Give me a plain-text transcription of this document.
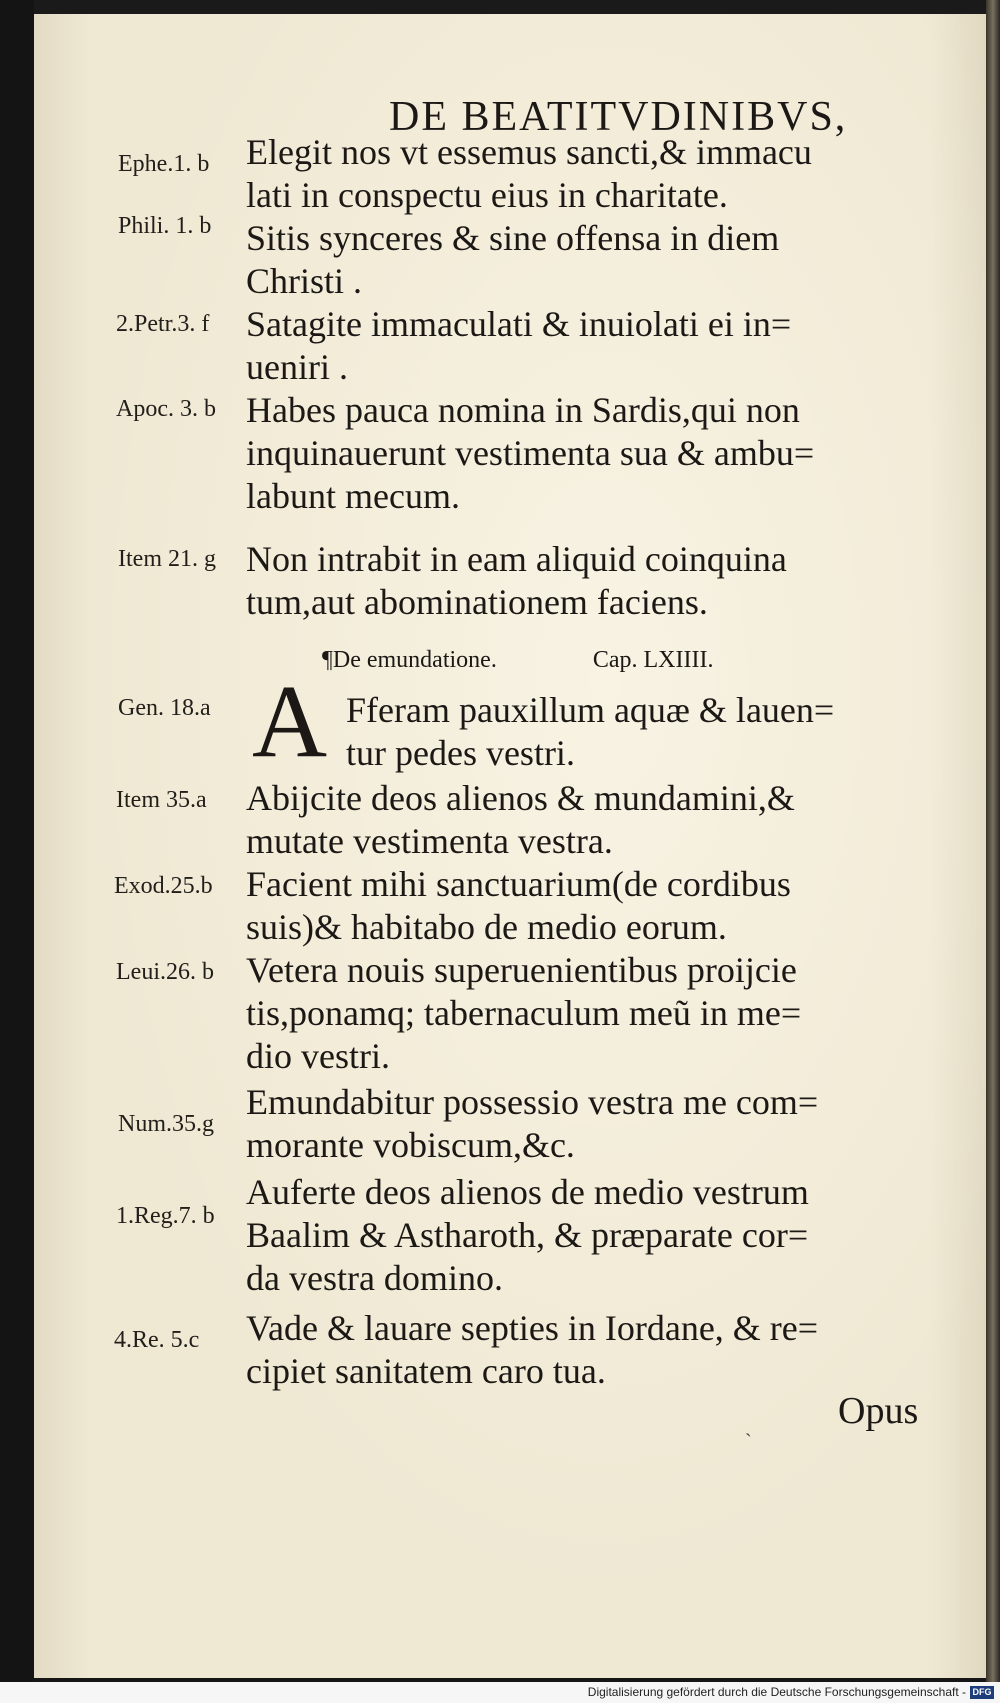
DE BEATITVDINIBVS,
Ephe.1. b
Phili. 1. b
2.Petr.3. f
Apoc. 3. b
Item 21. g
Elegit nos vt essemus sancti,& immacu
lati in conspectu eius in charitate.
Sitis synceres & sine offensa in diem
Christi .
Satagite immaculati & inuiolati ei in=
ueniri .
Habes pauca nomina in Sardis,qui non
inquinauerunt vestimenta sua & ambu=
labunt mecum.
Non intrabit in eam aliquid coinquina
tum,aut abominationem faciens.
¶De emundatione.	Cap. LXIIII.
A
Gen. 18.a
Item 35.a
Exod.25.b
Leui.26. b
Num.35.g
1.Reg.7. b
4.Re. 5.c
Fferam pauxillum aquæ & lauen=
tur pedes vestri.
Abijcite deos alienos & mundamini,&
mutate vestimenta vestra.
Facient mihi sanctuarium(de cordibus
suis)& habitabo de medio eorum.
Vetera nouis superuenientibus proijcie
tis,ponamq; tabernaculum meũ in me=
dio vestri.
Emundabitur possessio vestra me com=
morante vobiscum,&c.
Auferte deos alienos de medio vestrum
Baalim & Astharoth, & præparate cor=
da vestra domino.
Vade & lauare septies in Iordane, & re=
cipiet sanitatem caro tua.
ˏ Opus
Digitalisierung gefördert durch die Deutsche Forschungsgemeinschaft - DFG
